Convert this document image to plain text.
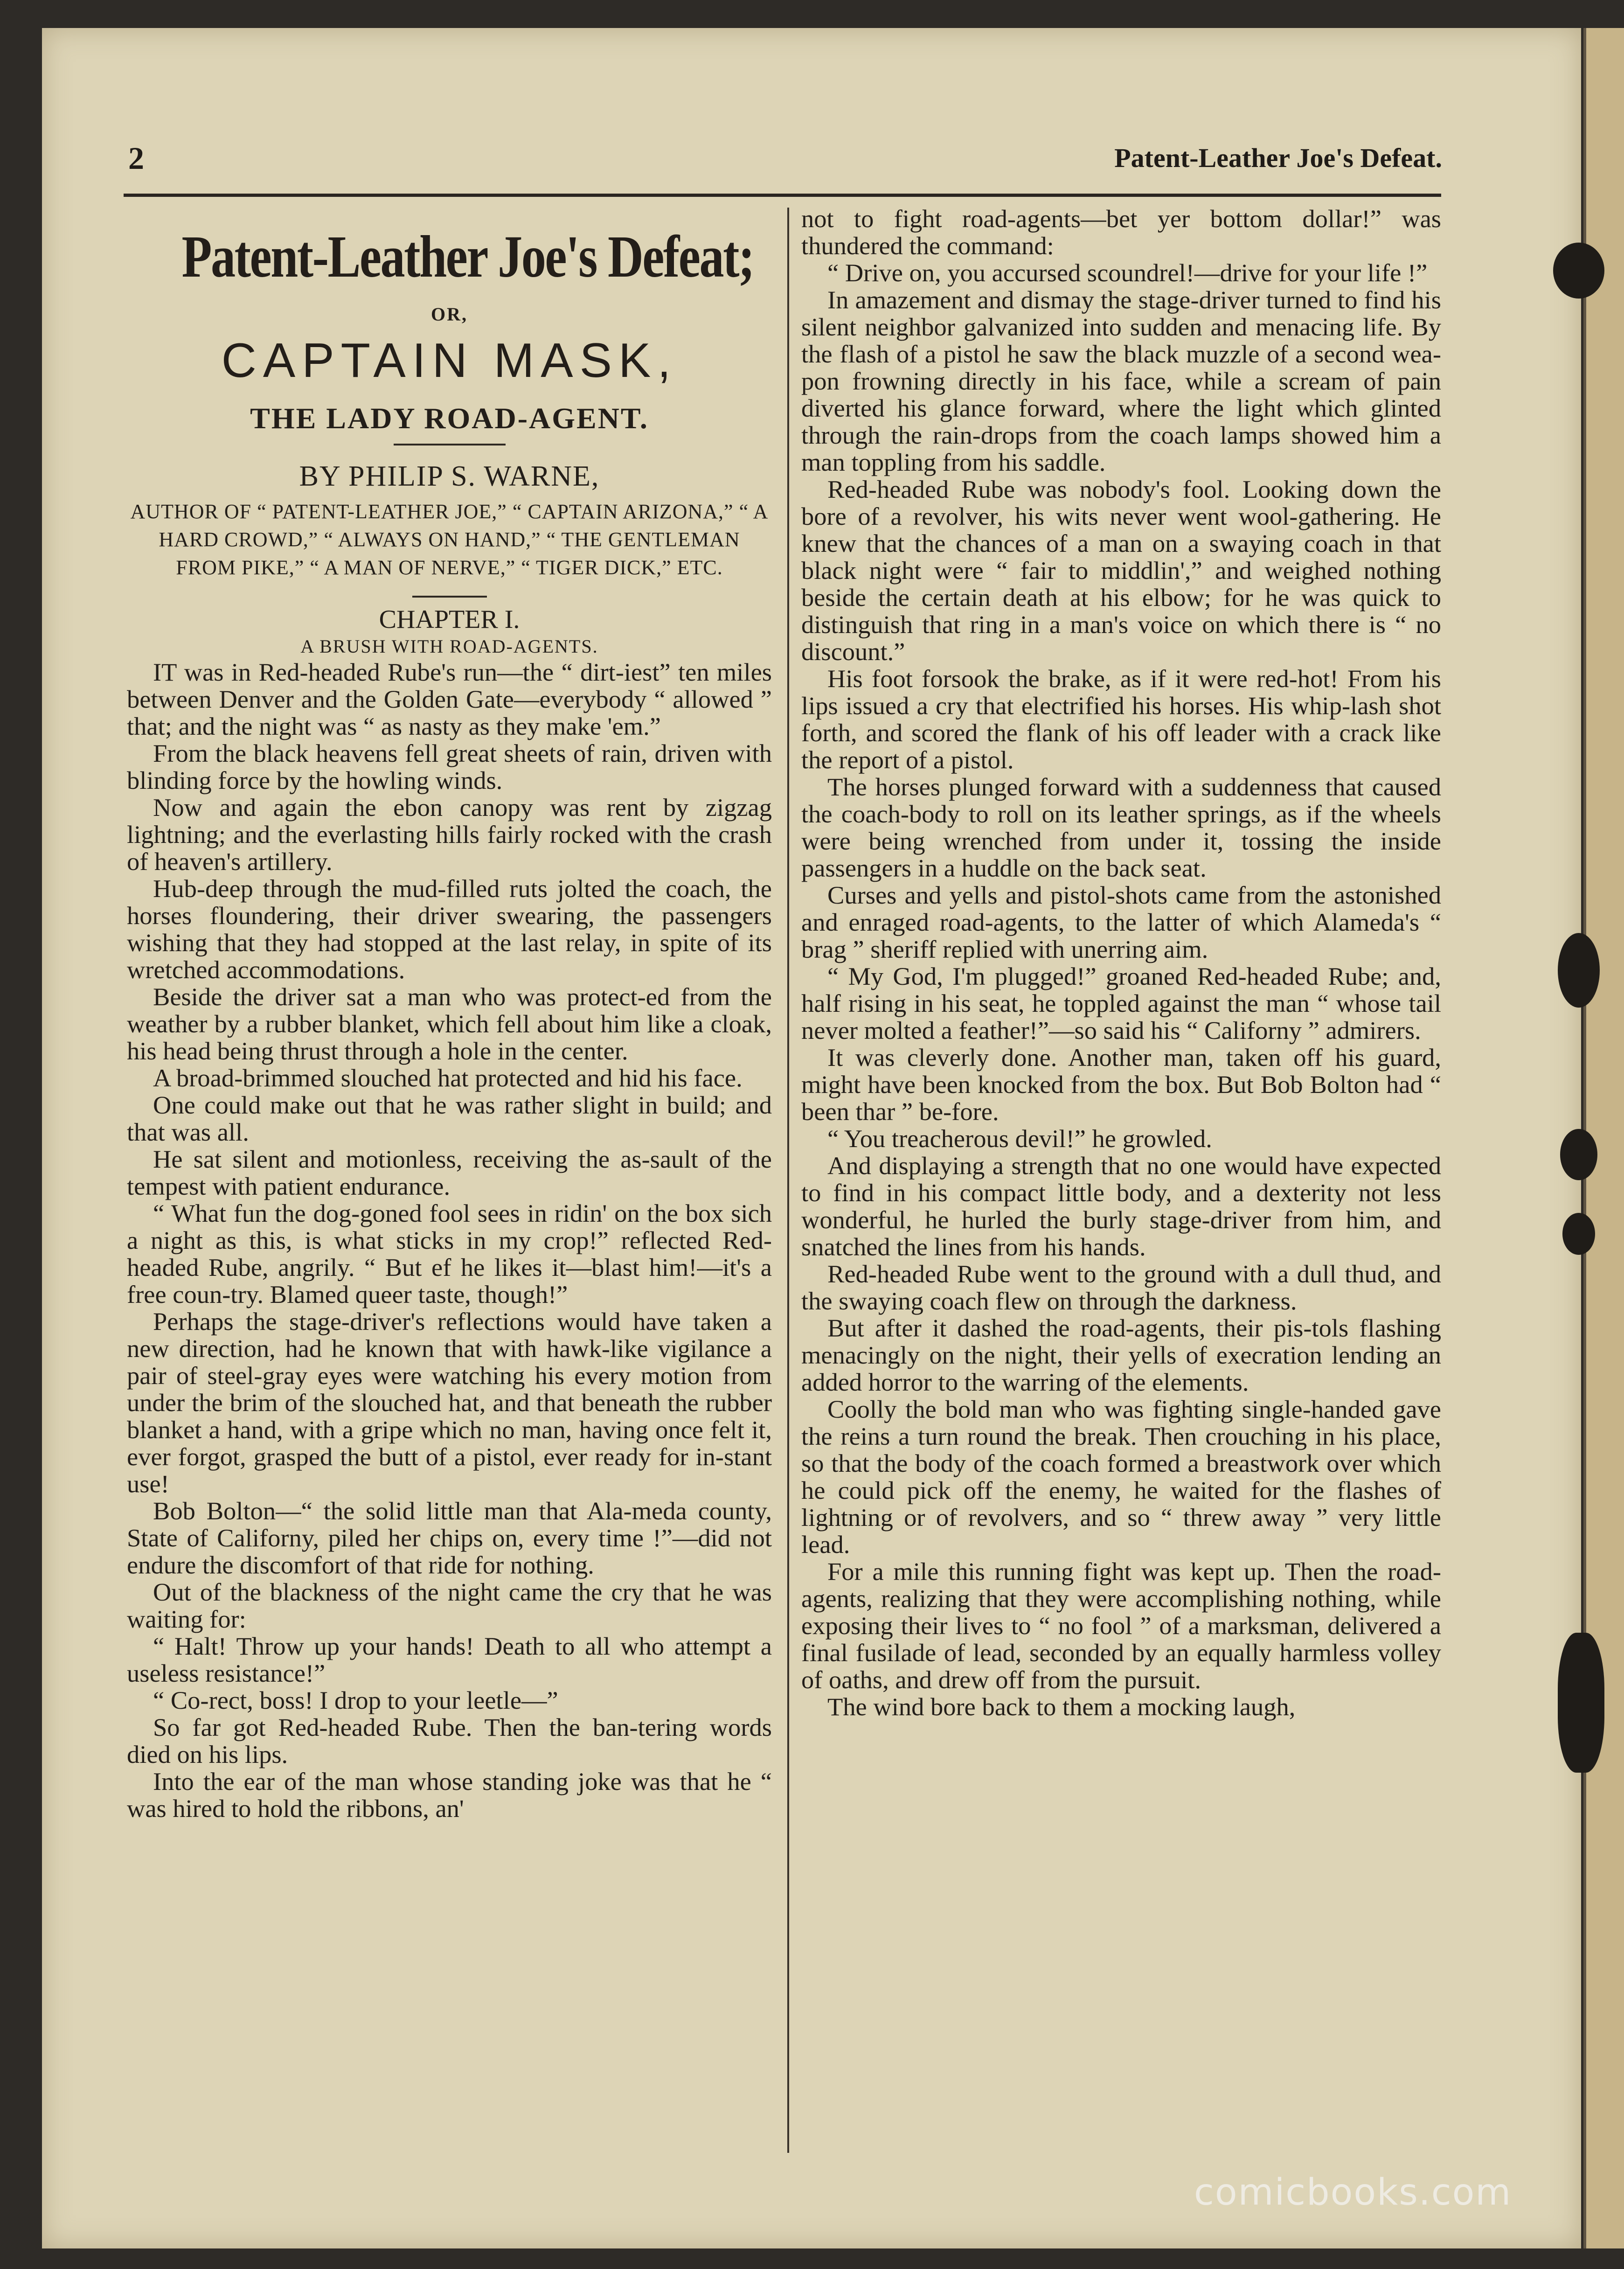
2	Patent-Leather Joe's Defeat.
Patent-Leather Joe's Defeat;
OR,
CAPTAIN MASK,
THE LADY ROAD-AGENT.
BY PHILIP S. WARNE,
AUTHOR OF “ PATENT-LEATHER JOE,” “ CAPTAIN ARIZONA,” “ A HARD CROWD,” “ ALWAYS ON HAND,” “ THE GENTLEMAN FROM PIKE,” “ A MAN OF NERVE,” “ TIGER DICK,” ETC.
CHAPTER I.
A BRUSH WITH ROAD-AGENTS.

IT was in Red-headed Rube's run—the “ dirt-iest” ten miles between Denver and the Golden Gate—everybody “ allowed ” that; and the night was “ as nasty as they make 'em.”

From the black heavens fell great sheets of rain, driven with blinding force by the howling winds.

Now and again the ebon canopy was rent by zigzag lightning; and the everlasting hills fairly rocked with the crash of heaven's artillery.

Hub-deep through the mud-filled ruts jolted the coach, the horses floundering, their driver swearing, the passengers wishing that they had stopped at the last relay, in spite of its wretched accommodations.

Beside the driver sat a man who was protect-ed from the weather by a rubber blanket, which fell about him like a cloak, his head being thrust through a hole in the center.

A broad-brimmed slouched hat protected and hid his face.

One could make out that he was rather slight in build; and that was all.

He sat silent and motionless, receiving the as-sault of the tempest with patient endurance.

“ What fun the dog-goned fool sees in ridin' on the box sich a night as this, is what sticks in my crop!” reflected Red-headed Rube, angrily. “ But ef he likes it—blast him!—it's a free coun-try. Blamed queer taste, though!”

Perhaps the stage-driver's reflections would have taken a new direction, had he known that with hawk-like vigilance a pair of steel-gray eyes were watching his every motion from under the brim of the slouched hat, and that beneath the rubber blanket a hand, with a gripe which no man, having once felt it, ever forgot, grasped the butt of a pistol, ever ready for in-stant use!

Bob Bolton—“ the solid little man that Ala-meda county, State of Californy, piled her chips on, every time !”—did not endure the discomfort of that ride for nothing.

Out of the blackness of the night came the cry that he was waiting for:

“ Halt! Throw up your hands! Death to all who attempt a useless resistance!”

“ Co-rect, boss! I drop to your leetle—”

So far got Red-headed Rube. Then the ban-tering words died on his lips.

Into the ear of the man whose standing joke was that he “ was hired to hold the ribbons, an'

not to fight road-agents—bet yer bottom dollar!” was thundered the command:

“ Drive on, you accursed scoundrel!—drive for your life !”

In amazement and dismay the stage-driver turned to find his silent neighbor galvanized into sudden and menacing life. By the flash of a pistol he saw the black muzzle of a second wea-pon frowning directly in his face, while a scream of pain diverted his glance forward, where the light which glinted through the rain-drops from the coach lamps showed him a man toppling from his saddle.

Red-headed Rube was nobody's fool. Looking down the bore of a revolver, his wits never went wool-gathering. He knew that the chances of a man on a swaying coach in that black night were “ fair to middlin',” and weighed nothing beside the certain death at his elbow; for he was quick to distinguish that ring in a man's voice on which there is “ no discount.”

His foot forsook the brake, as if it were red-hot! From his lips issued a cry that electrified his horses. His whip-lash shot forth, and scored the flank of his off leader with a crack like the report of a pistol.

The horses plunged forward with a suddenness that caused the coach-body to roll on its leather springs, as if the wheels were being wrenched from under it, tossing the inside passengers in a huddle on the back seat.

Curses and yells and pistol-shots came from the astonished and enraged road-agents, to the latter of which Alameda's “ brag ” sheriff replied with unerring aim.

“ My God, I'm plugged!” groaned Red-headed Rube; and, half rising in his seat, he toppled against the man “ whose tail never molted a feather!”—so said his “ Californy ” admirers.

It was cleverly done. Another man, taken off his guard, might have been knocked from the box. But Bob Bolton had “ been thar ” be-fore.

“ You treacherous devil!” he growled.

And displaying a strength that no one would have expected to find in his compact little body, and a dexterity not less wonderful, he hurled the burly stage-driver from him, and snatched the lines from his hands.

Red-headed Rube went to the ground with a dull thud, and the swaying coach flew on through the darkness.

But after it dashed the road-agents, their pis-tols flashing menacingly on the night, their yells of execration lending an added horror to the warring of the elements.

Coolly the bold man who was fighting single-handed gave the reins a turn round the break. Then crouching in his place, so that the body of the coach formed a breastwork over which he could pick off the enemy, he waited for the flashes of lightning or of revolvers, and so “ threw away ” very little lead.

For a mile this running fight was kept up. Then the road-agents, realizing that they were accomplishing nothing, while exposing their lives to “ no fool ” of a marksman, delivered a final fusilade of lead, seconded by an equally harmless volley of oaths, and drew off from the pursuit.

The wind bore back to them a mocking laugh,

comicbooks.com
